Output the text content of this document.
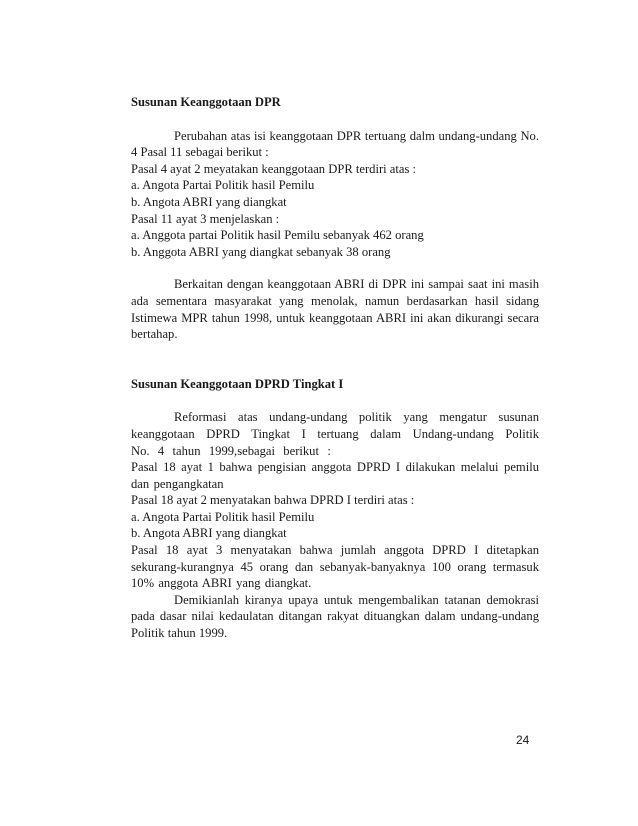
Susunan Keanggotaan DPR

Perubahan atas isi keanggotaan DPR tertuang dalm undang-undang No. 4 Pasal 11 sebagai berikut :

Pasal 4 ayat 2 meyatakan keanggotaan DPR terdiri atas :

a. Angota Partai Politik hasil Pemilu

b. Angota ABRI yang diangkat

Pasal 11 ayat 3 menjelaskan :

a. Anggota partai Politik hasil Pemilu sebanyak 462 orang

b. Anggota ABRI yang diangkat sebanyak 38 orang

Berkaitan dengan keanggotaan ABRI di DPR ini sampai saat ini masih ada sementara masyarakat yang menolak, namun berdasarkan hasil sidang Istimewa MPR tahun 1998, untuk keanggotaan ABRI ini akan dikurangi secara bertahap.

Susunan Keanggotaan DPRD Tingkat I

Reformasi atas undang-undang politik yang mengatur susunan keanggotaan DPRD Tingkat I tertuang dalam Undang-undang Politik No. 4 tahun 1999,sebagai berikut :

Pasal 18 ayat 1 bahwa pengisian anggota DPRD I dilakukan melalui pemilu dan pengangkatan

Pasal 18 ayat 2 menyatakan bahwa DPRD I terdiri atas :

a. Angota Partai Politik hasil Pemilu

b. Angota ABRI yang diangkat

Pasal 18 ayat 3 menyatakan bahwa jumlah anggota DPRD I ditetapkan sekurang-kurangnya 45 orang dan sebanyak-banyaknya 100 orang termasuk 10% anggota ABRI yang diangkat.

Demikianlah kiranya upaya untuk mengembalikan tatanan demokrasi pada dasar nilai kedaulatan ditangan rakyat dituangkan dalam undang-undang Politik tahun 1999.

24
